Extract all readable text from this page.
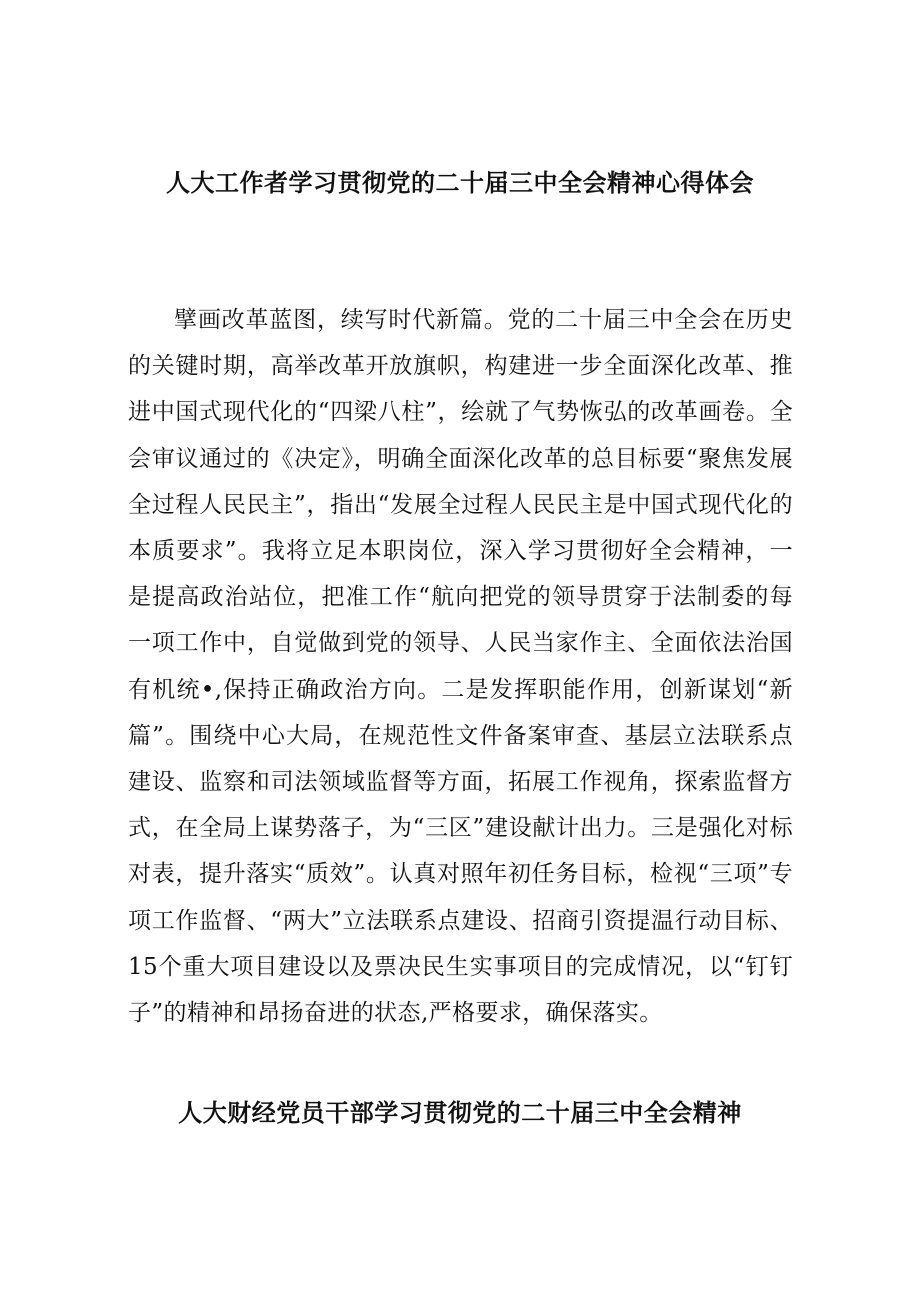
人大工作者学习贯彻党的二十届三中全会精神心得体会

擘画改革蓝图，续写时代新篇。党的二十届三中全会在历史的关键时期，高举改革开放旗帜，构建进一步全面深化改革、推进中国式现代化的“四梁八柱”，绘就了气势恢弘的改革画卷。全会审议通过的《决定》，明确全面深化改革的总目标要“聚焦发展全过程人民民主”，指出“发展全过程人民民主是中国式现代化的本质要求”。我将立足本职岗位，深入学习贯彻好全会精神，一是提高政治站位，把准工作“航向把党的领导贯穿于法制委的每一项工作中，自觉做到党的领导、人民当家作主、全面依法治国有机统•,保持正确政治方向。二是发挥职能作用，创新谋划“新篇”。围绕中心大局，在规范性文件备案审查、基层立法联系点建设、监察和司法领域监督等方面，拓展工作视角，探索监督方式，在全局上谋势落子，为“三区”建设献计出力。三是强化对标对表，提升落实“质效”。认真对照年初任务目标，检视“三项”专项工作监督、“两大”立法联系点建设、招商引资提温行动目标、15个重大项目建设以及票决民生实事项目的完成情况，以“钉钉子”的精神和昂扬奋进的状态,严格要求，确保落实。

人大财经党员干部学习贯彻党的二十届三中全会精神
